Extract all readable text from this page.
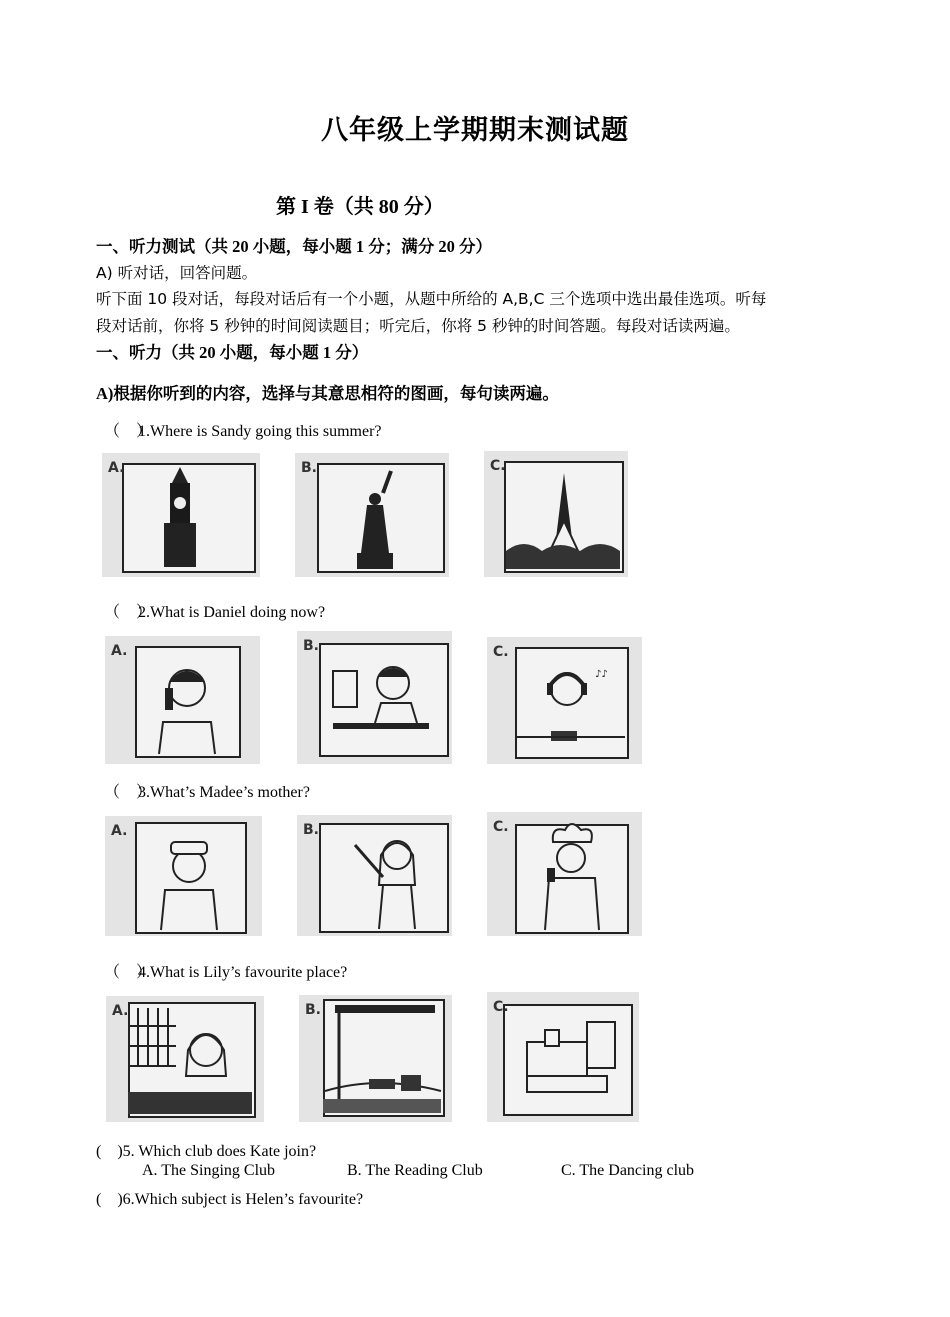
八年级上学期期末测试题
第 I 卷（共 80 分）
一、听力测试（共 20 小题，每小题 1 分；满分 20 分）
A) 听对话，回答问题。
听下面 10 段对话，每段对话后有一个小题，从题中所给的 A,B,C 三个选项中选出最佳选项。听每
段对话前，你将 5 秒钟的时间阅读题目；听完后，你将 5 秒钟的时间答题。每段对话读两遍。
一、听力（共 20 小题，每小题 1 分）
A)根据你听到的内容，选择与其意思相符的图画，每句读两遍。
（　）1.Where is Sandy going this summer?
A.	B.	C.
（　）2.What is Daniel doing now?
A.	B.
♪♪
C.
（　）3.What’s Madee’s mother?
A.	B.	C.
（　）4.What is Lily’s favourite place?
A.	B.	C.
(　)5. Which club does Kate join?
A. The Singing Club	B. The Reading Club	C. The Dancing club
(　)6.Which subject is Helen’s favourite?
